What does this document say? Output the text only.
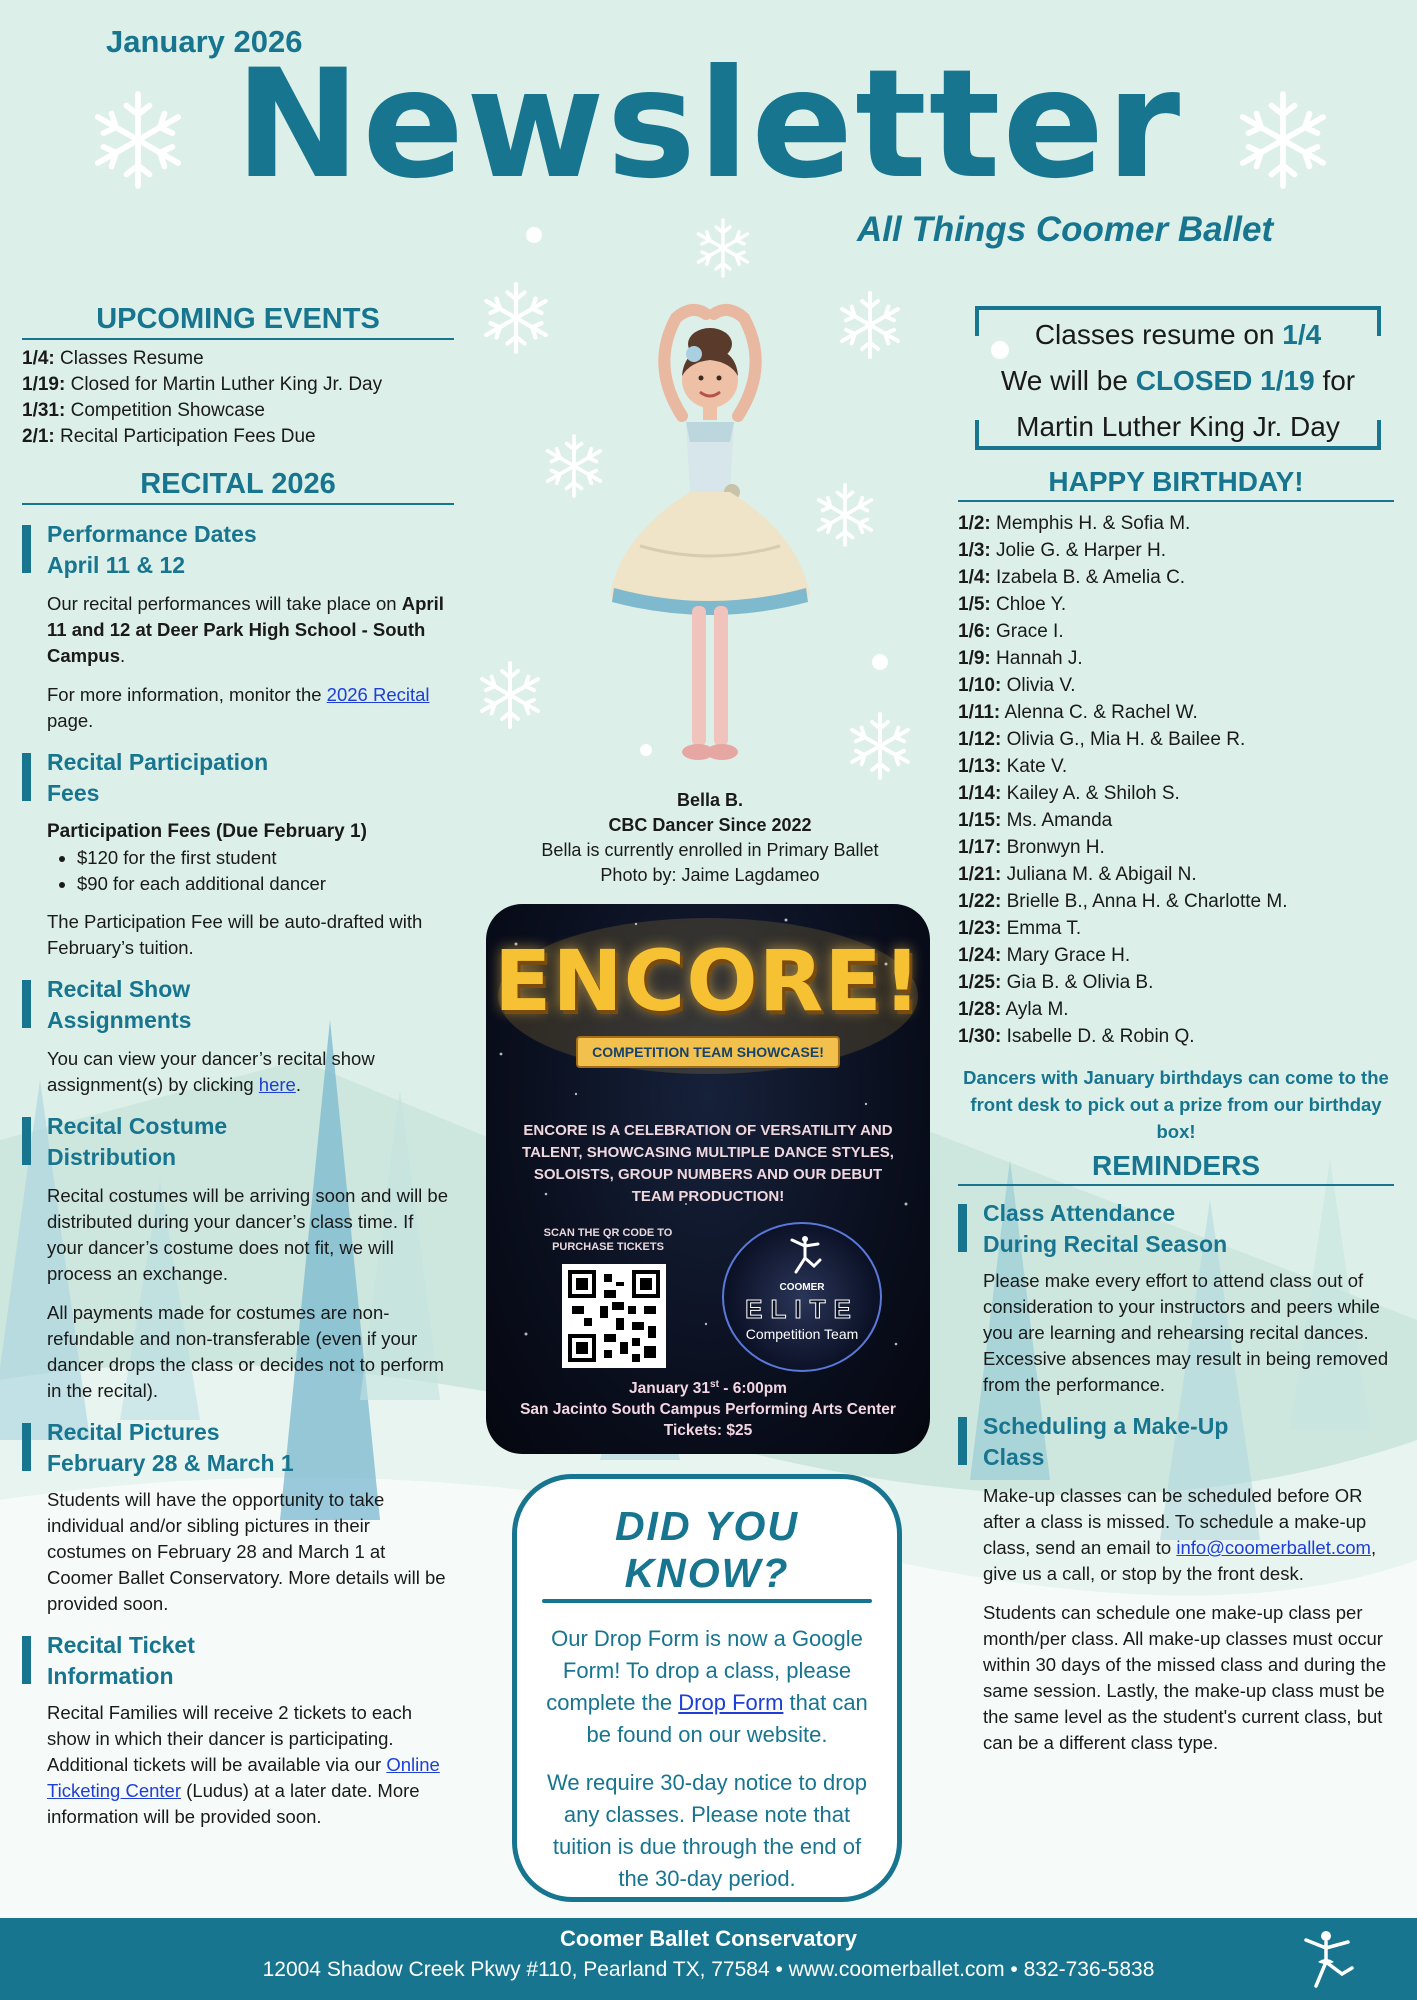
January 2026
Newsletter
All Things Coomer Ballet
UPCOMING EVENTS
1/4: Classes Resume
1/19: Closed for Martin Luther King Jr. Day
1/31: Competition Showcase
2/1: Recital Participation Fees Due
RECITAL 2026
Performance Dates
April 11 & 12

Our recital performances will take place on April 11 and 12 at Deer Park High School - South Campus.

For more information, monitor the 2026 Recital page.

Recital Participation
Fees
Participation Fees (Due February 1)
• $120 for the first student
• $90 for each additional dancer

The Participation Fee will be auto-drafted with February’s tuition.

Recital Show
Assignments

You can view your dancer’s recital show assignment(s) by clicking here.

Recital Costume
Distribution

Recital costumes will be arriving soon and will be distributed during your dancer’s class time. If your dancer’s costume does not fit, we will process an exchange.

All payments made for costumes are non-refundable and non-transferable (even if your dancer drops the class or decides not to perform in the recital).

Recital Pictures
February 28 & March 1

Students will have the opportunity to take individual and/or sibling pictures in their costumes on February 28 and March 1 at Coomer Ballet Conservatory. More details will be provided soon.

Recital Ticket
Information

Recital Families will receive 2 tickets to each show in which their dancer is participating. Additional tickets will be available via our Online Ticketing Center (Ludus) at a later date. More information will be provided soon.

Bella B.
CBC Dancer Since 2022
Bella is currently enrolled in Primary Ballet
Photo by: Jaime Lagdameo
ENCORE!
COMPETITION TEAM SHOWCASE!
ENCORE IS A CELEBRATION OF VERSATILITY AND TALENT, SHOWCASING MULTIPLE DANCE STYLES, SOLOISTS, GROUP NUMBERS AND OUR DEBUT TEAM PRODUCTION!
SCAN THE QR CODE TO PURCHASE TICKETS
COOMER
ELITE
Competition Team
January 31st - 6:00pm
San Jacinto South Campus Performing Arts Center
Tickets: $25
DID YOU KNOW?

Our Drop Form is now a Google Form! To drop a class, please complete the Drop Form that can be found on our website.

We require 30-day notice to drop any classes. Please note that tuition is due through the end of the 30-day period.

Classes resume on 1/4
We will be CLOSED 1/19 for
Martin Luther King Jr. Day
HAPPY BIRTHDAY!
1/2: Memphis H. & Sofia M.
1/3: Jolie G. & Harper H.
1/4: Izabela B. & Amelia C.
1/5: Chloe Y.
1/6: Grace I.
1/9: Hannah J.
1/10: Olivia V.
1/11: Alenna C. & Rachel W.
1/12: Olivia G., Mia H. & Bailee R.
1/13: Kate V.
1/14: Kailey A. & Shiloh S.
1/15: Ms. Amanda
1/17: Bronwyn H.
1/21: Juliana M. & Abigail N.
1/22: Brielle B., Anna H. & Charlotte M.
1/23: Emma T.
1/24: Mary Grace H.
1/25: Gia B. & Olivia B.
1/28: Ayla M.
1/30: Isabelle D. & Robin Q.
Dancers with January birthdays can come to the front desk to pick out a prize from our birthday box!
REMINDERS
Class Attendance
During Recital Season

Please make every effort to attend class out of consideration to your instructors and peers while you are learning and rehearsing recital dances. Excessive absences may result in being removed from the performance.

Scheduling a Make-Up
Class

Make-up classes can be scheduled before OR after a class is missed. To schedule a make-up class, send an email to info@coomerballet.com, give us a call, or stop by the front desk.

Students can schedule one make-up class per month/per class. All make-up classes must occur within 30 days of the missed class and during the same session. Lastly, the make-up class must be the same level as the student's current class, but can be a different class type.

Coomer Ballet Conservatory
12004 Shadow Creek Pkwy #110, Pearland TX, 77584 • www.coomerballet.com • 832-736-5838
